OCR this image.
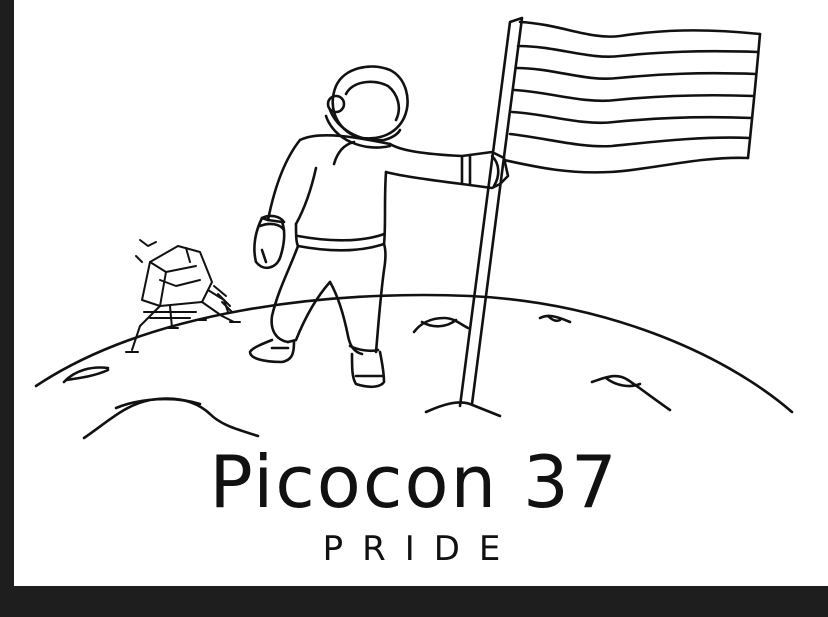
Picocon 37
PRIDE
